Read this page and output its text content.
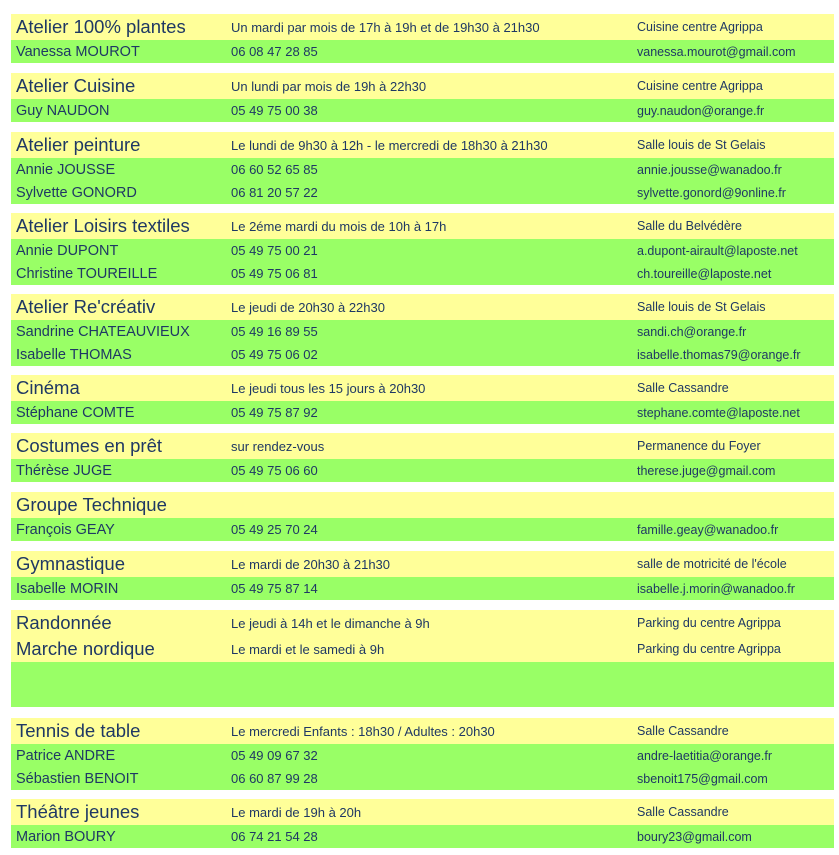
Atelier 100% plantes	Un mardi par mois de 17h à 19h et de 19h30 à 21h30	Cuisine centre Agrippa
Vanessa MOUROT	06 08 47 28 85	vanessa.mourot@gmail.com
Atelier Cuisine	Un lundi par mois de 19h à 22h30	Cuisine centre Agrippa
Guy NAUDON	05 49 75 00 38	guy.naudon@orange.fr
Atelier peinture	Le lundi de 9h30 à 12h - le mercredi de 18h30 à 21h30	Salle louis de St Gelais
Annie JOUSSE	06 60 52 65 85	annie.jousse@wanadoo.fr
Sylvette GONORD	06 81 20 57 22	sylvette.gonord@9online.fr
Atelier Loisirs textiles	Le 2éme mardi du mois de 10h à 17h	Salle du Belvédère
Annie DUPONT	05 49 75 00 21	a.dupont-airault@laposte.net
Christine TOUREILLE	05 49 75 06 81	ch.toureille@laposte.net
Atelier Re'créativ	Le jeudi de 20h30 à 22h30	Salle louis de St Gelais
Sandrine CHATEAUVIEUX	05 49 16 89 55	sandi.ch@orange.fr
Isabelle THOMAS	05 49 75 06 02	isabelle.thomas79@orange.fr
Cinéma	Le jeudi tous les 15 jours à 20h30	Salle Cassandre
Stéphane COMTE	05 49 75 87 92	stephane.comte@laposte.net
Costumes en prêt	sur rendez-vous	Permanence du Foyer
Thérèse JUGE	05 49 75 06 60	therese.juge@gmail.com
Groupe Technique
François GEAY	05 49 25 70 24	famille.geay@wanadoo.fr
Gymnastique	Le mardi de 20h30 à 21h30	salle de motricité de l'école
Isabelle MORIN	05 49 75 87 14	isabelle.j.morin@wanadoo.fr
Randonnée	Le jeudi à 14h et le dimanche à 9h	Parking du centre Agrippa
Marche nordique	Le mardi et le samedi à 9h	Parking du centre Agrippa
Tennis de table	Le mercredi Enfants : 18h30 / Adultes : 20h30	Salle Cassandre
Patrice ANDRE	05 49 09 67 32	andre-laetitia@orange.fr
Sébastien BENOIT	06 60 87 99 28	sbenoit175@gmail.com
Théâtre jeunes	Le mardi de 19h à 20h	Salle Cassandre
Marion BOURY	06 74 21 54 28	boury23@gmail.com
